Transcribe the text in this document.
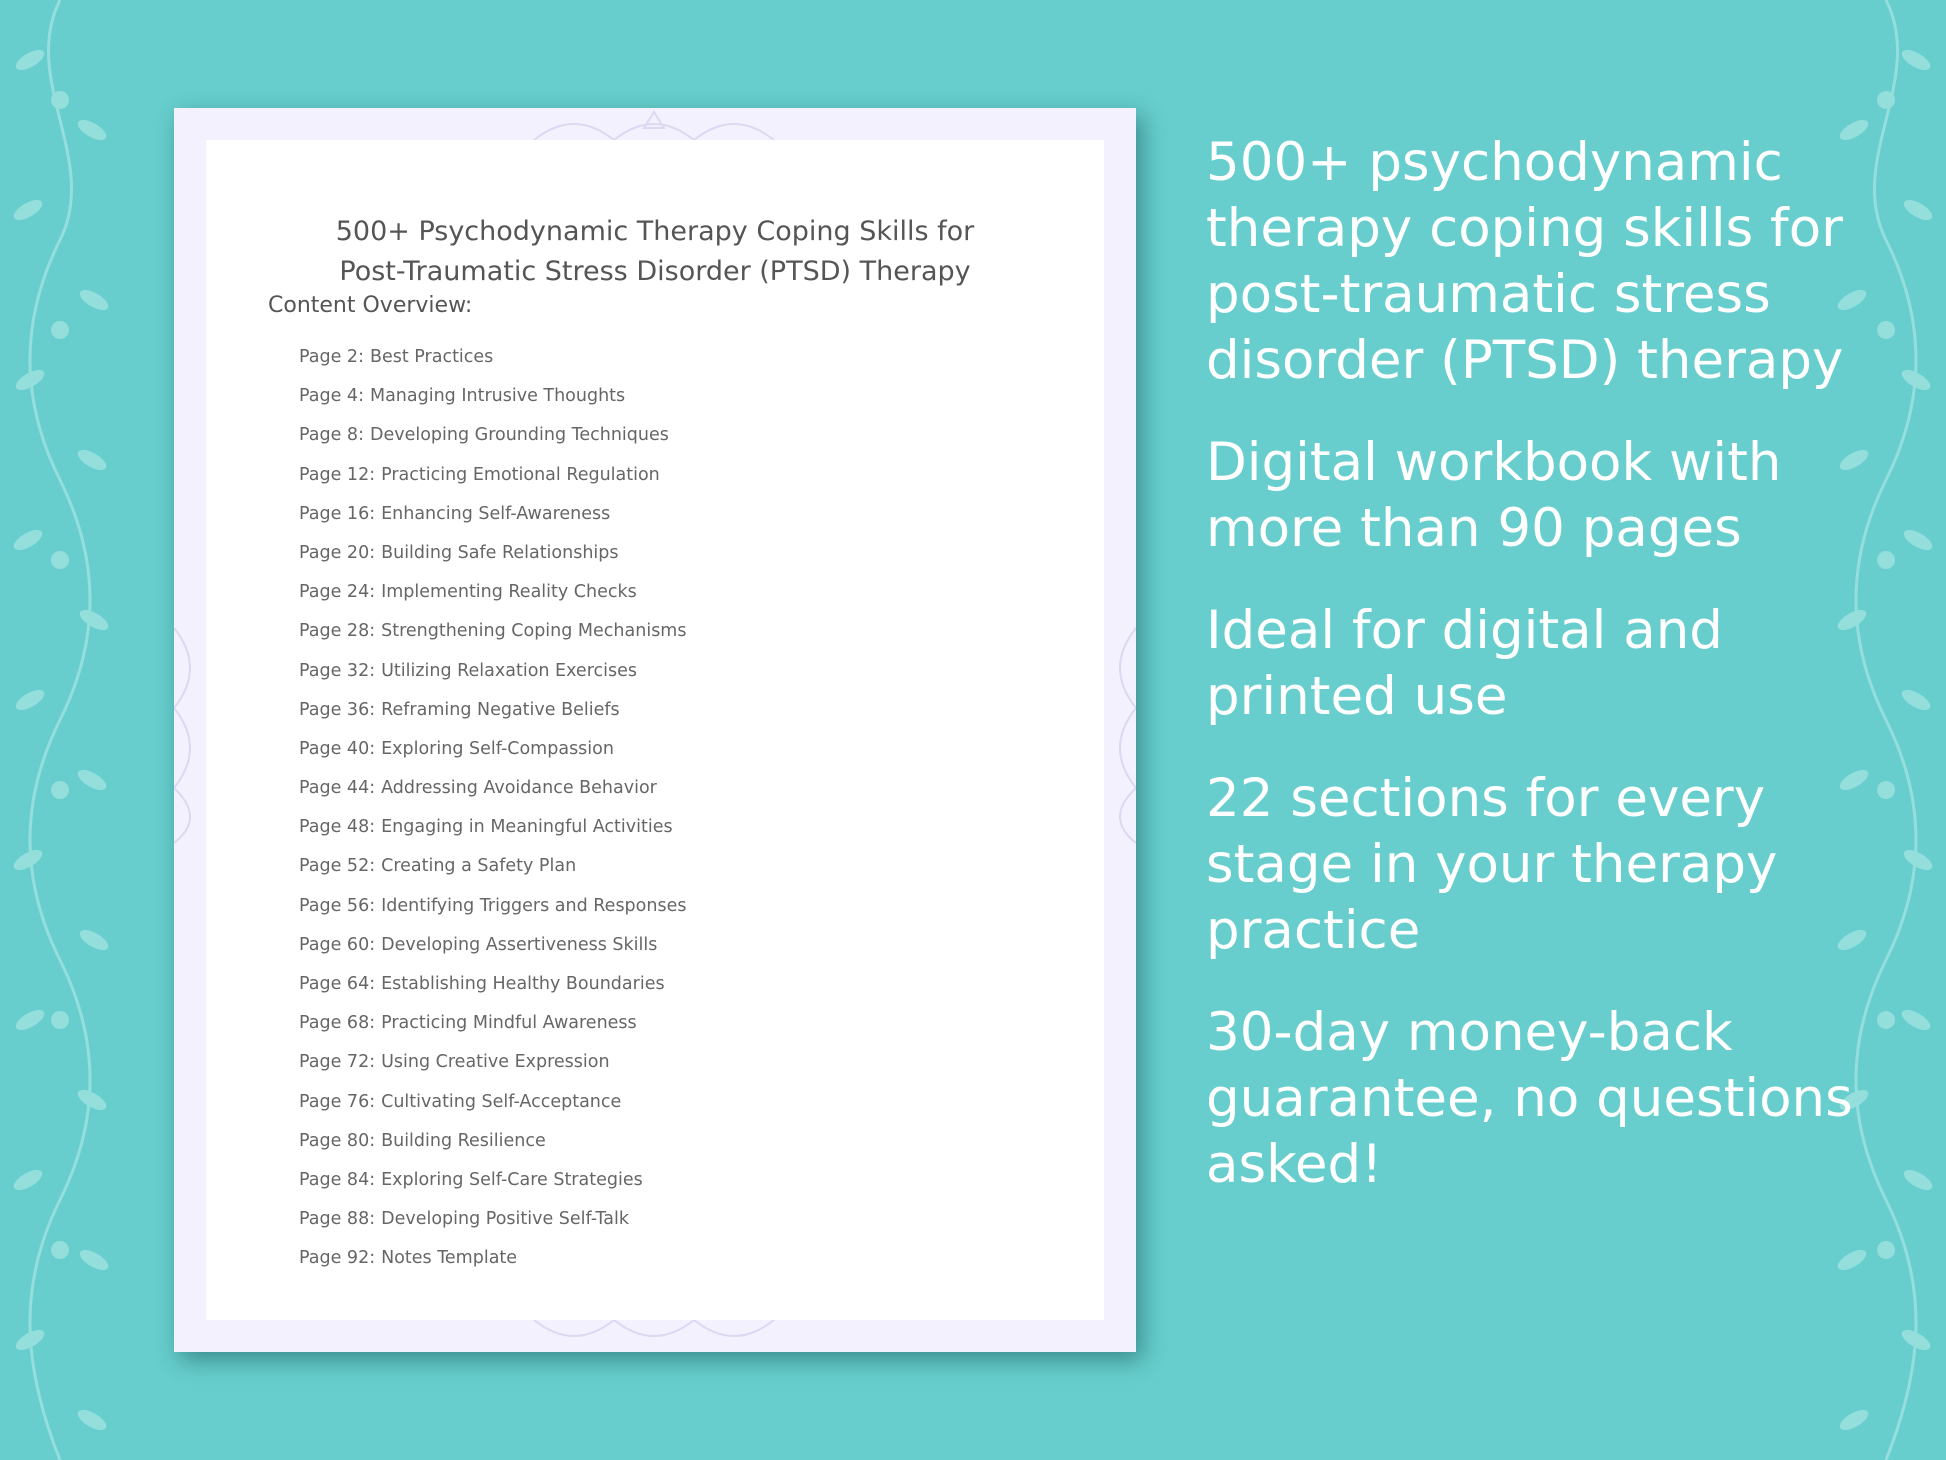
500+ Psychodynamic Therapy Coping Skills for
Post-Traumatic Stress Disorder (PTSD) Therapy
Content Overview:
Page 2: Best Practices
Page 4: Managing Intrusive Thoughts
Page 8: Developing Grounding Techniques
Page 12: Practicing Emotional Regulation
Page 16: Enhancing Self-Awareness
Page 20: Building Safe Relationships
Page 24: Implementing Reality Checks
Page 28: Strengthening Coping Mechanisms
Page 32: Utilizing Relaxation Exercises
Page 36: Reframing Negative Beliefs
Page 40: Exploring Self-Compassion
Page 44: Addressing Avoidance Behavior
Page 48: Engaging in Meaningful Activities
Page 52: Creating a Safety Plan
Page 56: Identifying Triggers and Responses
Page 60: Developing Assertiveness Skills
Page 64: Establishing Healthy Boundaries
Page 68: Practicing Mindful Awareness
Page 72: Using Creative Expression
Page 76: Cultivating Self-Acceptance
Page 80: Building Resilience
Page 84: Exploring Self-Care Strategies
Page 88: Developing Positive Self-Talk
Page 92: Notes Template

500+ psychodynamic therapy coping skills for post-traumatic stress disorder (PTSD) therapy

Digital workbook with more than 90 pages

Ideal for digital and printed use

22 sections for every stage in your therapy practice

30-day money-back guarantee, no questions asked!
